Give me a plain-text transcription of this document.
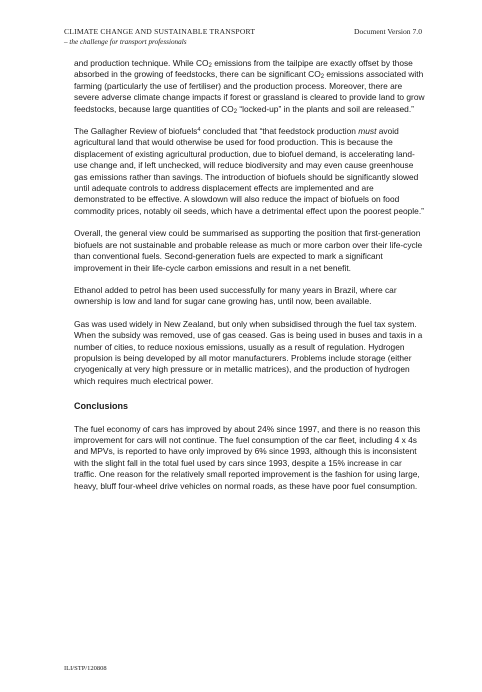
CLIMATE CHANGE AND SUSTAINABLE TRANSPORT
– the challenge for transport professionals
Document Version 7.0

and production technique. While $CO_2$ emissions from the tailpipe are exactly offset by those absorbed in the growing of feedstocks, there can be significant $CO_2$ emissions associated with farming (particularly the use of fertiliser) and the production process. Moreover, there are severe adverse climate change impacts if forest or grassland is cleared to provide land to grow feedstocks, because large quantities of $CO_2$ “locked-up” in the plants and soil are released.”

The Gallagher Review of biofuels$^4$ concluded that “that feedstock production must avoid agricultural land that would otherwise be used for food production. This is because the displacement of existing agricultural production, due to biofuel demand, is accelerating land-use change and, if left unchecked, will reduce biodiversity and may even cause greenhouse gas emissions rather than savings. The introduction of biofuels should be significantly slowed until adequate controls to address displacement effects are implemented and are demonstrated to be effective. A slowdown will also reduce the impact of biofuels on food commodity prices, notably oil seeds, which have a detrimental effect upon the poorest people.”

Overall, the general view could be summarised as supporting the position that first-generation biofuels are not sustainable and probable release as much or more carbon over their life-cycle than conventional fuels. Second-generation fuels are expected to mark a significant improvement in their life-cycle carbon emissions and result in a net benefit.

Ethanol added to petrol has been used successfully for many years in Brazil, where car ownership is low and land for sugar cane growing has, until now, been available.

Gas was used widely in New Zealand, but only when subsidised through the fuel tax system. When the subsidy was removed, use of gas ceased. Gas is being used in buses and taxis in a number of cities, to reduce noxious emissions, usually as a result of regulation. Hydrogen propulsion is being developed by all motor manufacturers. Problems include storage (either cryogenically at very high pressure or in metallic matrices), and the production of hydrogen which requires much electrical power.

Conclusions

The fuel economy of cars has improved by about 24% since 1997, and there is no reason this improvement for cars will not continue. The fuel consumption of the car fleet, including 4 x 4s and MPVs, is reported to have only improved by 6% since 1993, although this is inconsistent with the slight fall in the total fuel used by cars since 1993, despite a 15% increase in car traffic. One reason for the relatively small reported improvement is the fashion for using large, heavy, bluff four-wheel drive vehicles on normal roads, as these have poor fuel consumption.

ILI/STP/120808
